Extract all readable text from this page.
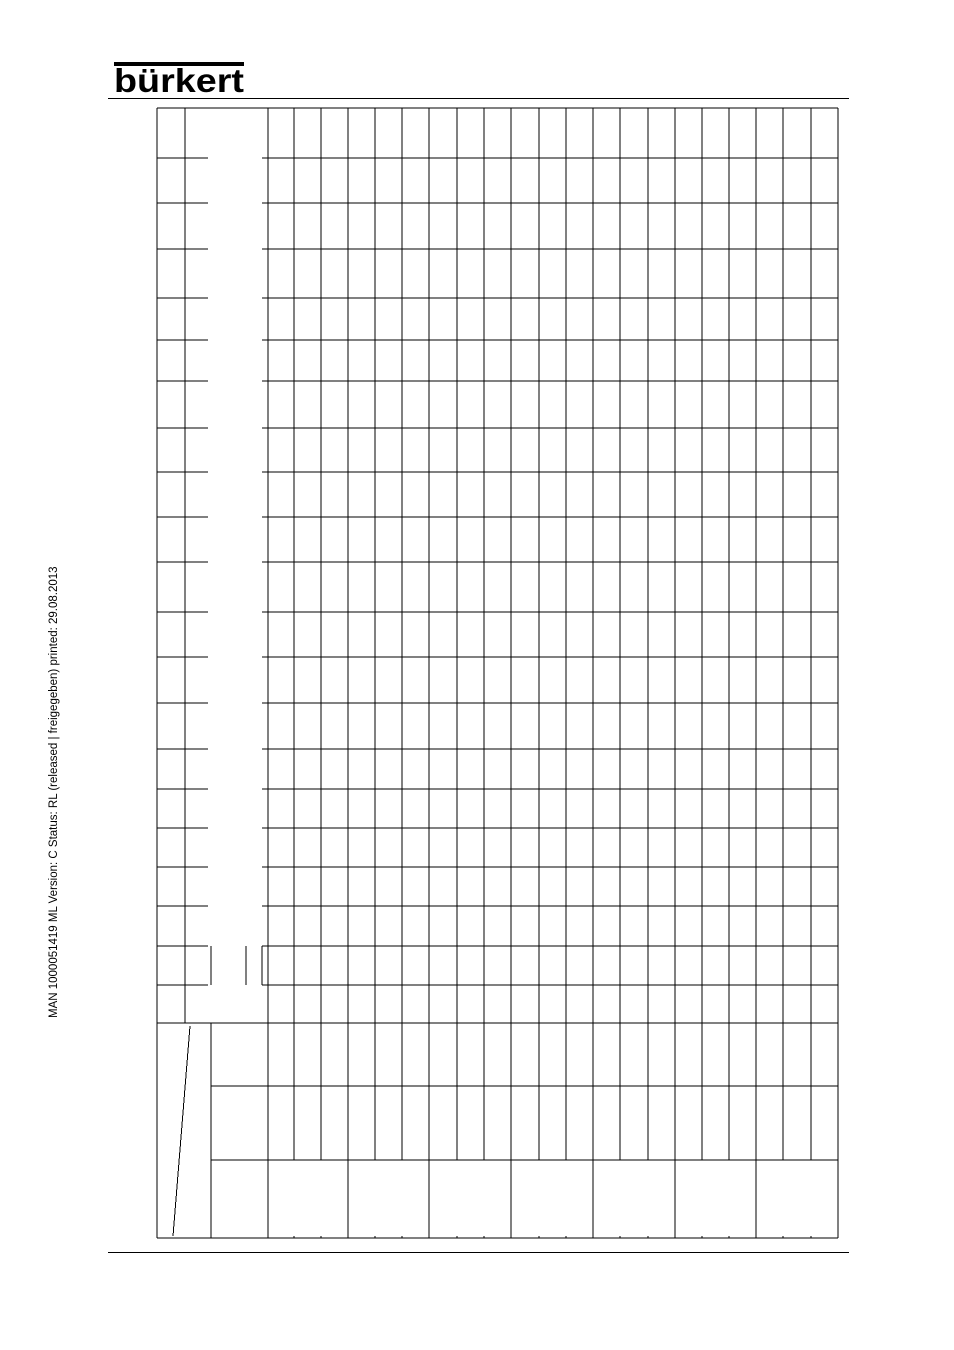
bürkert
MAN 1000051419 ML Version: C Status: RL (released | freigegeben) printed: 29.08.2013
